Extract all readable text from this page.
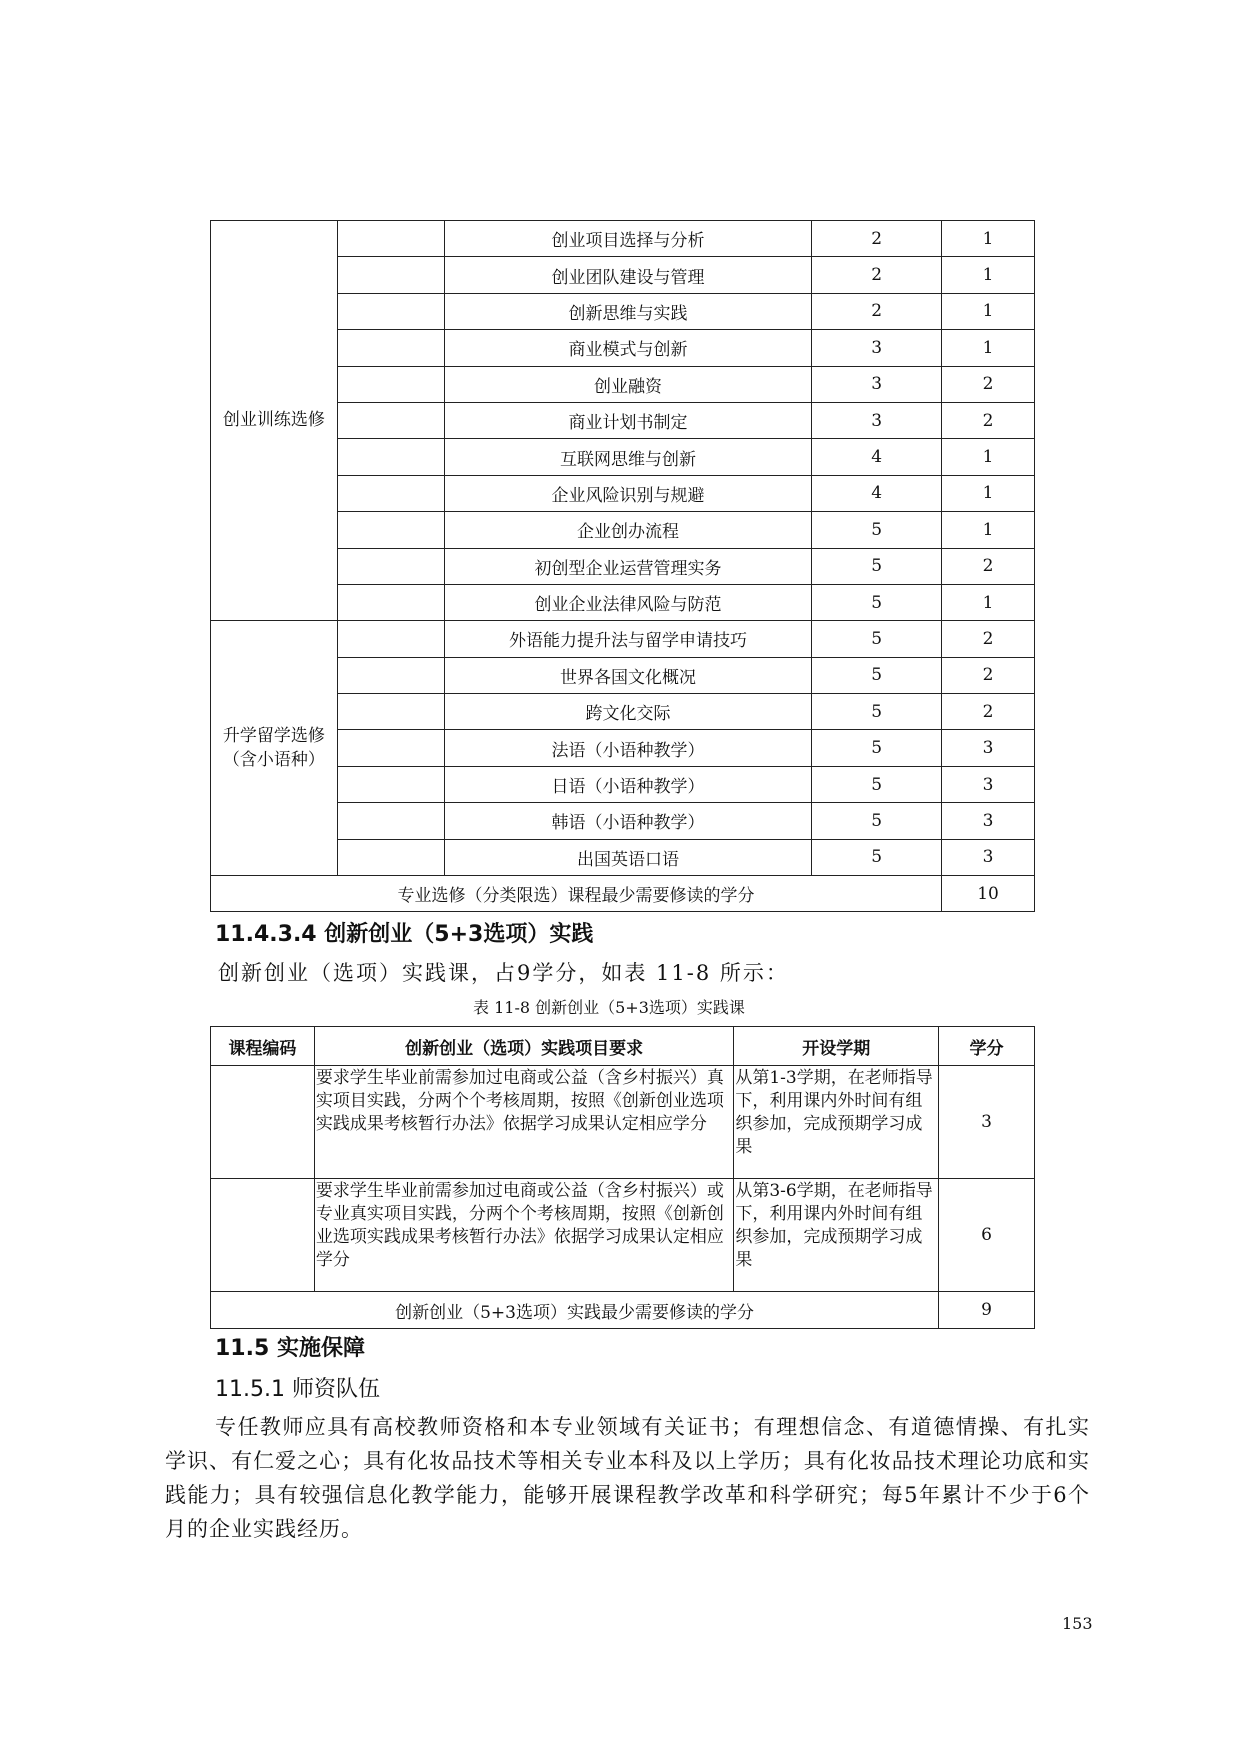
创业训练选修		创业项目选择与分析	2	1
		创业团队建设与管理	2	1
		创新思维与实践	2	1
		商业模式与创新	3	1
		创业融资	3	2
		商业计划书制定	3	2
		互联网思维与创新	4	1
		企业风险识别与规避	4	1
		企业创办流程	5	1
		初创型企业运营管理实务	5	2
		创业企业法律风险与防范	5	1

升学留学选修
（含小语种）		外语能力提升法与留学申请技巧	5	2
		世界各国文化概况	5	2
		跨文化交际	5	2
		法语（小语种教学）	5	3
		日语（小语种教学）	5	3
		韩语（小语种教学）	5	3
		出国英语口语	5	3
专业选修（分类限选）课程最少需要修读的学分				10
11.4.3.4 创新创业（5+3选项）实践

创新创业（选项）实践课，占9学分，如表 11-8 所示：

表 11-8 创新创业（5+3选项）实践课
课程编码	创新创业（选项）实践项目要求	开设学期	学分
	要求学生毕业前需参加过电商或公益（含乡村振兴）真实项目实践，分两个个考核周期，按照《创新创业选项实践成果考核暂行办法》依据学习成果认定相应学分	从第1-3学期，在老师指导下，利用课内外时间有组织参加，完成预期学习成果	3
	要求学生毕业前需参加过电商或公益（含乡村振兴）或专业真实项目实践，分两个个考核周期，按照《创新创业选项实践成果考核暂行办法》依据学习成果认定相应学分	从第3-6学期，在老师指导下，利用课内外时间有组织参加，完成预期学习成果	6
创新创业（5+3选项）实践最少需要修读的学分			9
11.5 实施保障
11.5.1 师资队伍

专任教师应具有高校教师资格和本专业领域有关证书；有理想信念、有道德情操、有扎实学识、有仁爱之心；具有化妆品技术等相关专业本科及以上学历；具有化妆品技术理论功底和实践能力；具有较强信息化教学能力，能够开展课程教学改革和科学研究；每5年累计不少于6个月的企业实践经历。

153
